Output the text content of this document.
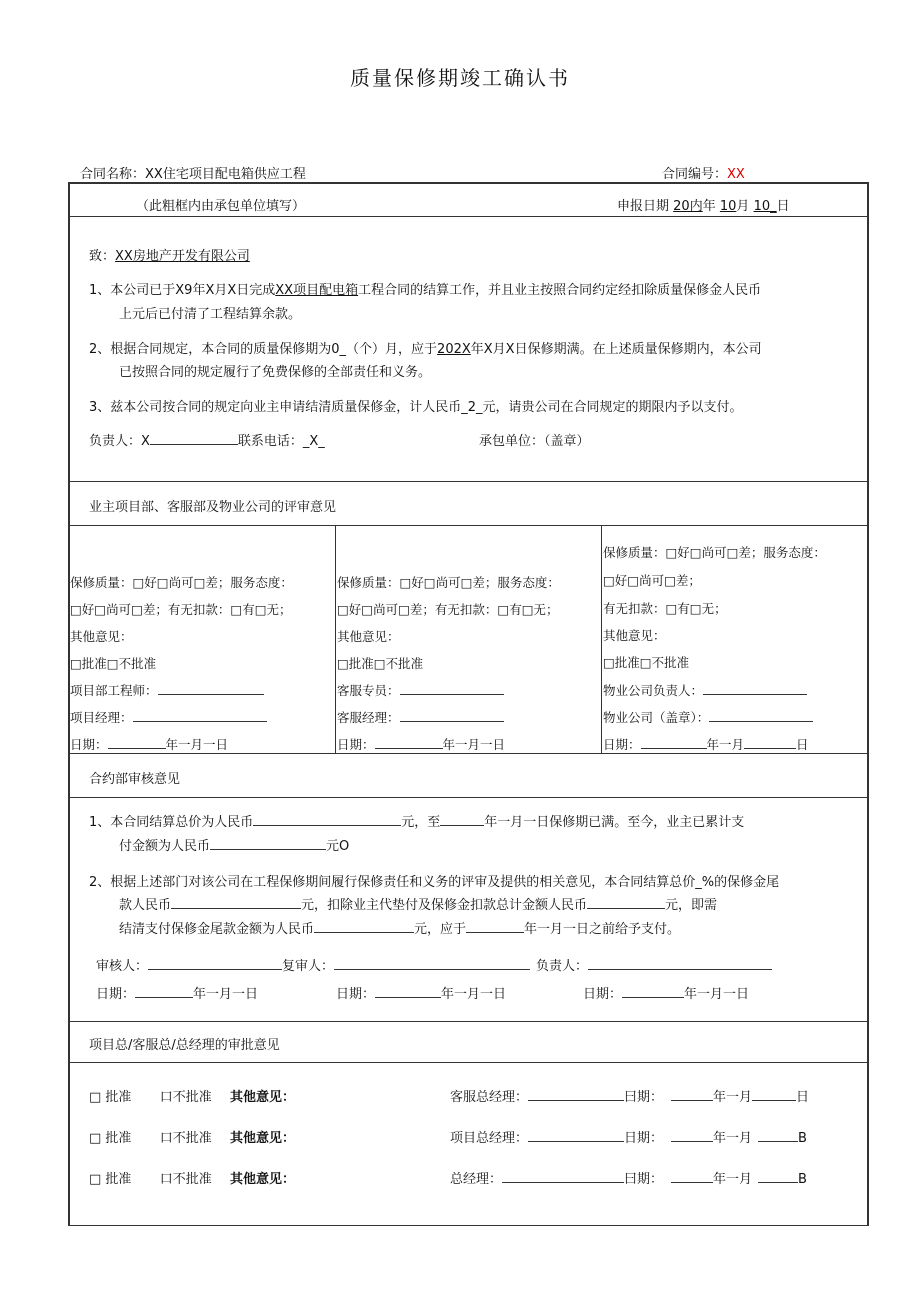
质量保修期竣工确认书
合同名称：XX住宅项目配电箱供应工程	合同编号：XX
（此粗框内由承包单位填写）	申报日期 20内年 10月 10_日
致：XX房地产开发有限公司
1、本公司已于X9年X月X日完成XX项目配电箱工程合同的结算工作，并且业主按照合同约定经扣除质量保修金人民币
上元后已付清了工程结算余款。
2、根据合同规定，本合同的质量保修期为0_（个）月，应于202X年X月X日保修期满。在上述质量保修期内，本公司
已按照合同的规定履行了免费保修的全部责任和义务。
3、兹本公司按合同的规定向业主申请结清质量保修金，计人民币_2_元，请贵公司在合同规定的期限内予以支付。
负责人：X	联系电话：_X_	承包单位：（盖章）
业主项目部、客服部及物业公司的评审意见
保修质量：□好□尚可□差；服务态度：
□好□尚可□差；有无扣款：□有□无；
其他意见：
□批准□不批准
项目部工程师：
项目经理：
日期：	年一月一日
保修质量：□好□尚可□差；服务态度：
□好□尚可□差；有无扣款：□有□无；
其他意见：
□批准□不批准
客服专员：
客服经理：
日期：	年一月一日
保修质量：□好□尚可□差；服务态度：
□好□尚可□差；
有无扣款：□有□无；
其他意见：
□批准□不批准
物业公司负责人：
物业公司（盖章）：
日期：	年一月	日
合约部审核意见
1、本合同结算总价为人民币	元，至	年一月一日保修期已满。至今，业主已累计支
付金额为人民币	元O
2、根据上述部门对该公司在工程保修期间履行保修责任和义务的评审及提供的相关意见，本合同结算总价_%的保修金尾
款人民币	元，扣除业主代垫付及保修金扣款总计金额人民币	元，即需
结清支付保修金尾款金额为人民币	元，应于	年一月一日之前给予支付。
审核人：	复审人：	负责人：
日期：	年一月一日	日期：	年一月一日	日期：	年一月一日
项目总/客服总/总经理的审批意见
□ 批准 口不批准 其他意见：	客服总经理：	曰期：	年一月	日
□ 批准 口不批准 其他意见：	项目总经理：	日期：	年一月	B
□ 批准 口不批准 其他意见：	总经理：	曰期：	年一月	B
